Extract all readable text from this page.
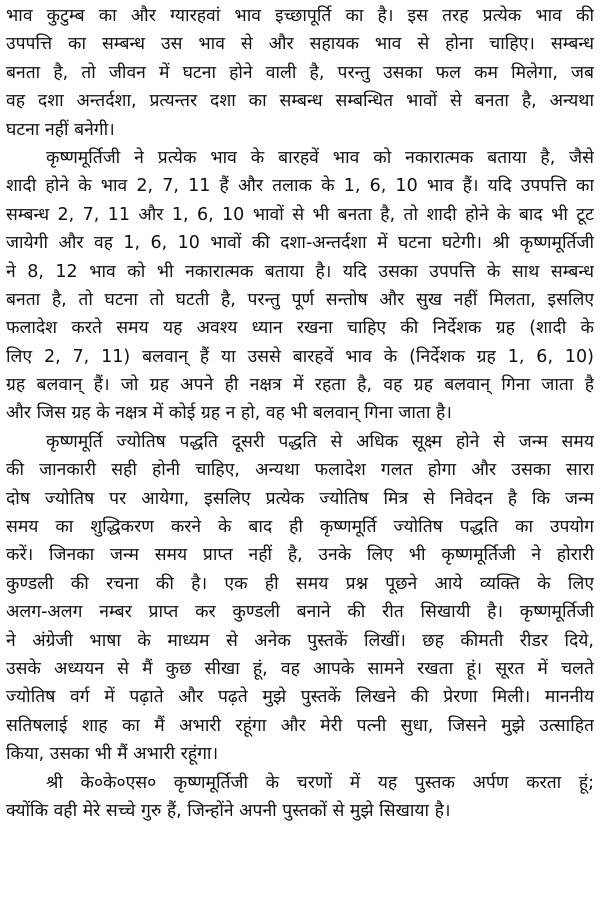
भाव कुटुम्ब का और ग्यारहवां भाव इच्छापूर्ति का है। इस तरह प्रत्येक भाव की
उपपत्ति का सम्बन्ध उस भाव से और सहायक भाव से होना चाहिए। सम्बन्ध
बनता है, तो जीवन में घटना होने वाली है, परन्तु उसका फल कम मिलेगा, जब
वह दशा अन्तर्दशा, प्रत्यन्तर दशा का सम्बन्ध सम्बन्धित भावों से बनता है, अन्यथा
घटना नहीं बनेगी।
कृष्णमूर्तिजी ने प्रत्येक भाव के बारहवें भाव को नकारात्मक बताया है, जैसे
शादी होने के भाव 2, 7, 11 हैं और तलाक के 1, 6, 10 भाव हैं। यदि उपपत्ति का
सम्बन्ध 2, 7, 11 और 1, 6, 10 भावों से भी बनता है, तो शादी होने के बाद भी टूट
जायेगी और वह 1, 6, 10 भावों की दशा-अन्तर्दशा में घटना घटेगी। श्री कृष्णमूर्तिजी
ने 8, 12 भाव को भी नकारात्मक बताया है। यदि उसका उपपत्ति के साथ सम्बन्ध
बनता है, तो घटना तो घटती है, परन्तु पूर्ण सन्तोष और सुख नहीं मिलता, इसलिए
फलादेश करते समय यह अवश्य ध्यान रखना चाहिए की निर्देशक ग्रह (शादी के
लिए 2, 7, 11) बलवान् हैं या उससे बारहवें भाव के (निर्देशक ग्रह 1, 6, 10)
ग्रह बलवान् हैं। जो ग्रह अपने ही नक्षत्र में रहता है, वह ग्रह बलवान् गिना जाता है
और जिस ग्रह के नक्षत्र में कोई ग्रह न हो, वह भी बलवान् गिना जाता है।
कृष्णमूर्ति ज्योतिष पद्धति दूसरी पद्धति से अधिक सूक्ष्म होने से जन्म समय
की जानकारी सही होनी चाहिए, अन्यथा फलादेश गलत होगा और उसका सारा
दोष ज्योतिष पर आयेगा, इसलिए प्रत्येक ज्योतिष मित्र से निवेदन है कि जन्म
समय का शुद्धिकरण करने के बाद ही कृष्णमूर्ति ज्योतिष पद्धति का उपयोग
करें। जिनका जन्म समय प्राप्त नहीं है, उनके लिए भी कृष्णमूर्तिजी ने होरारी
कुण्डली की रचना की है। एक ही समय प्रश्न पूछने आये व्यक्ति के लिए
अलग-अलग नम्बर प्राप्त कर कुण्डली बनाने की रीत सिखायी है। कृष्णमूर्तिजी
ने अंग्रेजी भाषा के माध्यम से अनेक पुस्तकें लिखीं। छह कीमती रीडर दिये,
उसके अध्ययन से मैं कुछ सीखा हूं, वह आपके सामने रखता हूं। सूरत में चलते
ज्योतिष वर्ग में पढ़ाते और पढ़ते मुझे पुस्तकें लिखने की प्रेरणा मिली। माननीय
सतिषलाई शाह का मैं अभारी रहूंगा और मेरी पत्नी सुधा, जिसने मुझे उत्साहित
किया, उसका भी मैं अभारी रहूंगा।
श्री के०के०एस० कृष्णमूर्तिजी के चरणों में यह पुस्तक अर्पण करता हूं;
क्योंकि वही मेरे सच्चे गुरु हैं, जिन्होंने अपनी पुस्तकों से मुझे सिखाया है।
